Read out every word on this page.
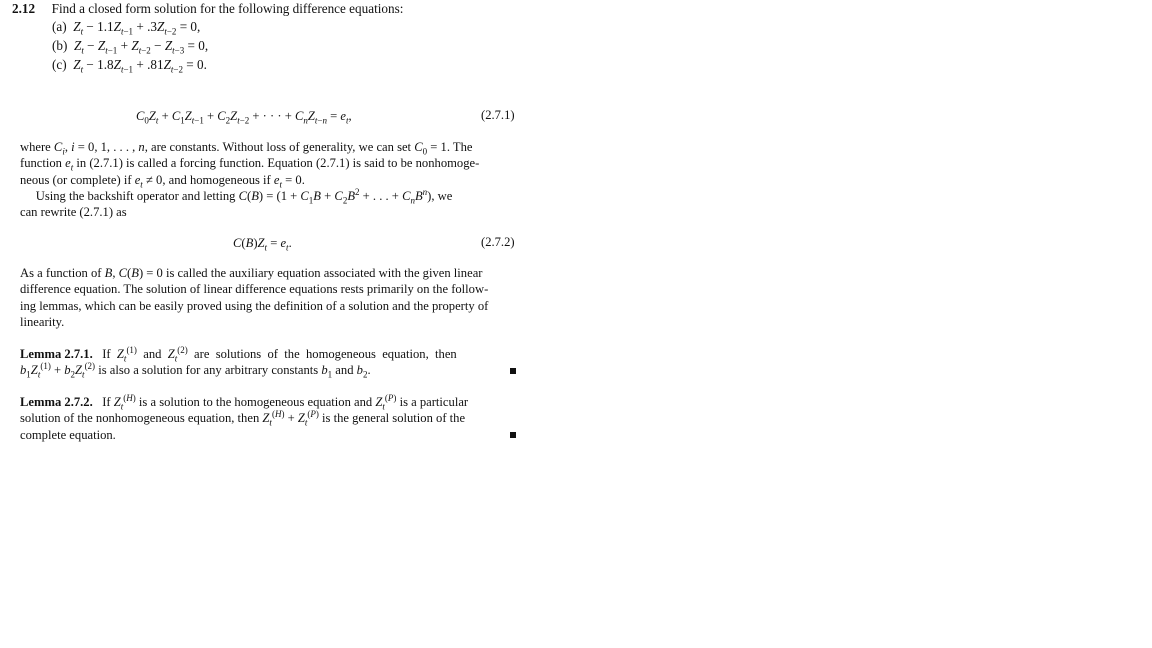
2.12 Find a closed form solution for the following difference equations:
(a) $Z_t - 1.1Z_{t-1} + .3Z_{t-2} = 0$,
(b) $Z_t - Z_{t-1} + Z_{t-2} - Z_{t-3} = 0$,
(c) $Z_t - 1.8Z_{t-1} + .81Z_{t-2} = 0$.
$C_0Z_t + C_1Z_{t-1} + C_2Z_{t-2}$ + · · · + $C_nZ_{t-n} = e_t$,	(2.7.1)
where $C_i$, i = 0, 1, . . . , n, are constants. Without loss of generality, we can set $C_0 = 1$. The
function $e_t$ in (2.7.1) is called a forcing function. Equation (2.7.1) is said to be nonhomoge-
neous (or complete) if $e_t \ne 0$, and homogeneous if $e_t = 0$.
Using the backshift operator and letting $C(B) = (1 + C_1B + C_2B^2$ + . . . + $C_nB^n$), we
can rewrite (2.7.1) as
$C(B)Z_t = e_t$.	(2.7.2)
As a function of B, C(B) = 0 is called the auxiliary equation associated with the given linear
difference equation. The solution of linear difference equations rests primarily on the follow-
ing lemmas, which can be easily proved using the definition of a solution and the property of
linearity.
Lemma 2.7.1.   If  $Z_t^{(1)}$  and  $Z_t^{(2)}$  are  solutions  of  the  homogeneous  equation,  then
$b_1Z_t^{(1)} + b_2Z_t^{(2)}$ is also a solution for any arbitrary constants $b_1$ and $b_2$.
Lemma 2.7.2.   If $Z_t^{(H)}$ is a solution to the homogeneous equation and $Z_t^{(P)}$ is a particular
solution of the nonhomogeneous equation, then $Z_t^{(H)} + Z_t^{(P)}$ is the general solution of the
complete equation.
